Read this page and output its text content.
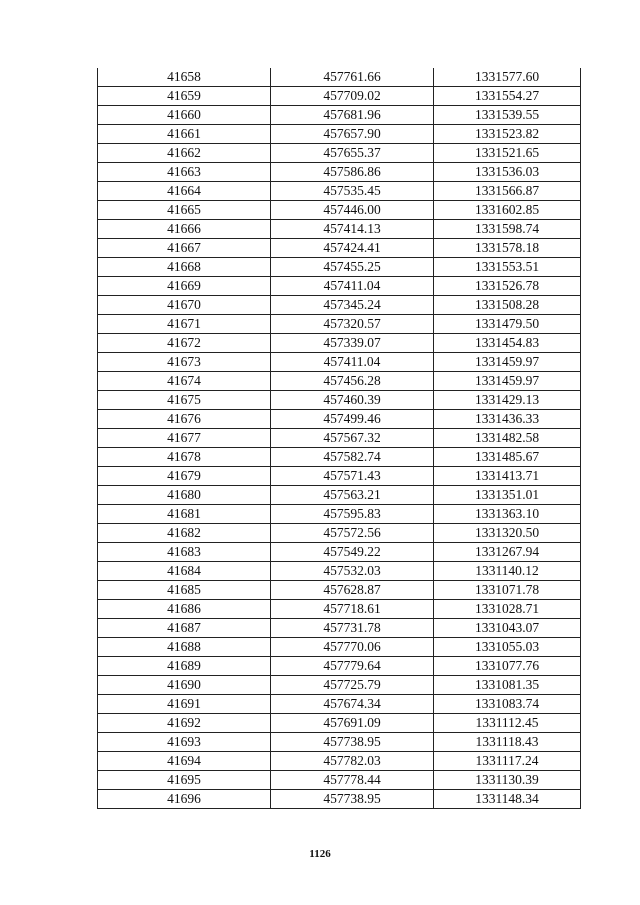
41658	457761.66	1331577.60
41659	457709.02	1331554.27
41660	457681.96	1331539.55
41661	457657.90	1331523.82
41662	457655.37	1331521.65
41663	457586.86	1331536.03
41664	457535.45	1331566.87
41665	457446.00	1331602.85
41666	457414.13	1331598.74
41667	457424.41	1331578.18
41668	457455.25	1331553.51
41669	457411.04	1331526.78
41670	457345.24	1331508.28
41671	457320.57	1331479.50
41672	457339.07	1331454.83
41673	457411.04	1331459.97
41674	457456.28	1331459.97
41675	457460.39	1331429.13
41676	457499.46	1331436.33
41677	457567.32	1331482.58
41678	457582.74	1331485.67
41679	457571.43	1331413.71
41680	457563.21	1331351.01
41681	457595.83	1331363.10
41682	457572.56	1331320.50
41683	457549.22	1331267.94
41684	457532.03	1331140.12
41685	457628.87	1331071.78
41686	457718.61	1331028.71
41687	457731.78	1331043.07
41688	457770.06	1331055.03
41689	457779.64	1331077.76
41690	457725.79	1331081.35
41691	457674.34	1331083.74
41692	457691.09	1331112.45
41693	457738.95	1331118.43
41694	457782.03	1331117.24
41695	457778.44	1331130.39
41696	457738.95	1331148.34
1126
